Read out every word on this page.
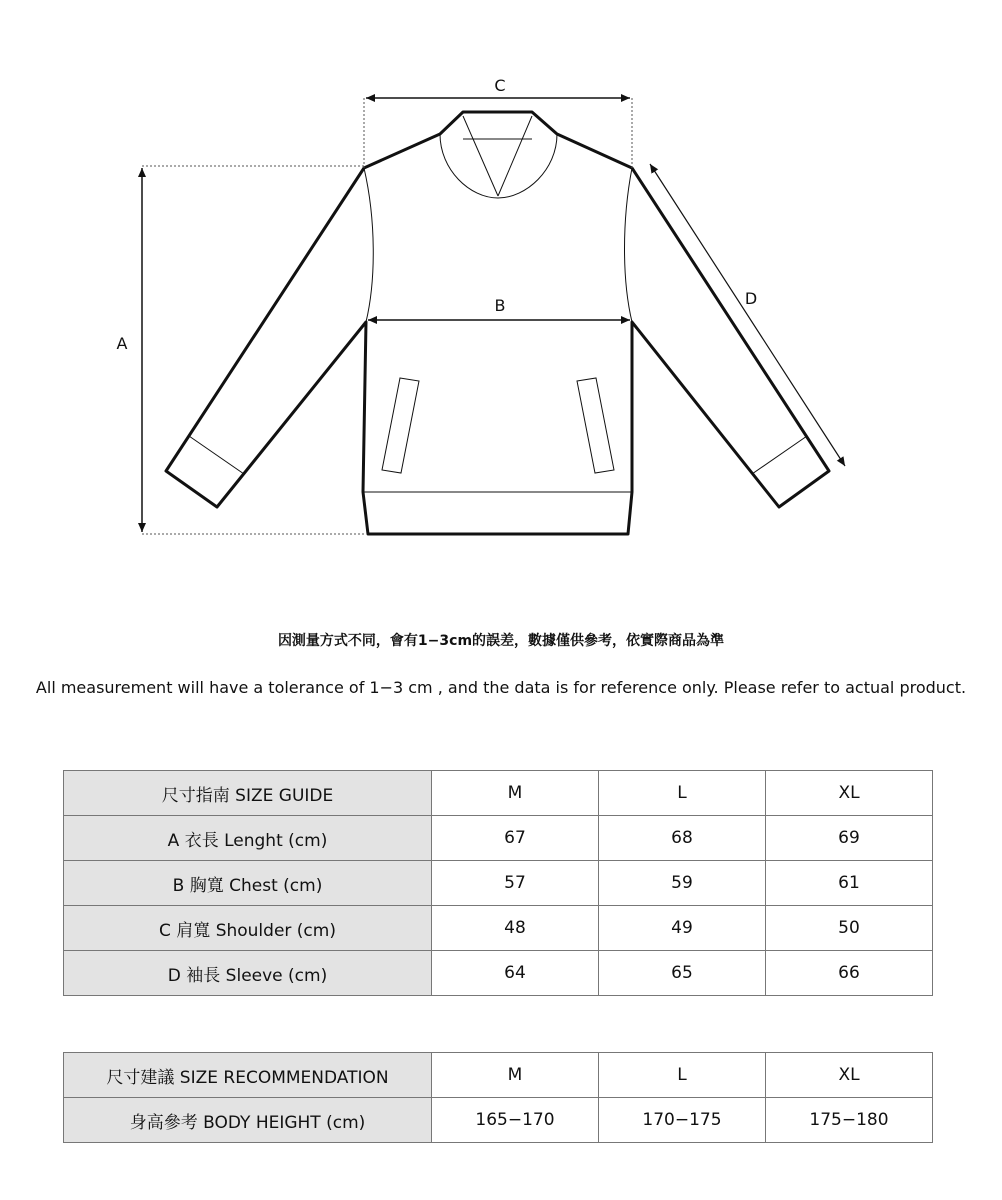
A
B
C
D
因測量方式不同，會有1−3cm的誤差，數據僅供參考，依實際商品為準
All measurement will have a tolerance of 1−3 cm , and the data is for reference only. Please refer to actual product.
尺寸指南 SIZE GUIDE	M	L	XL
A 衣長 Lenght (cm)	67	68	69
B 胸寬 Chest (cm)	57	59	61
C 肩寬 Shoulder (cm)	48	49	50
D 袖長 Sleeve (cm)	64	65	66
尺寸建議 SIZE RECOMMENDATION	M	L	XL
身高參考 BODY HEIGHT (cm)	165−170	170−175	175−180
